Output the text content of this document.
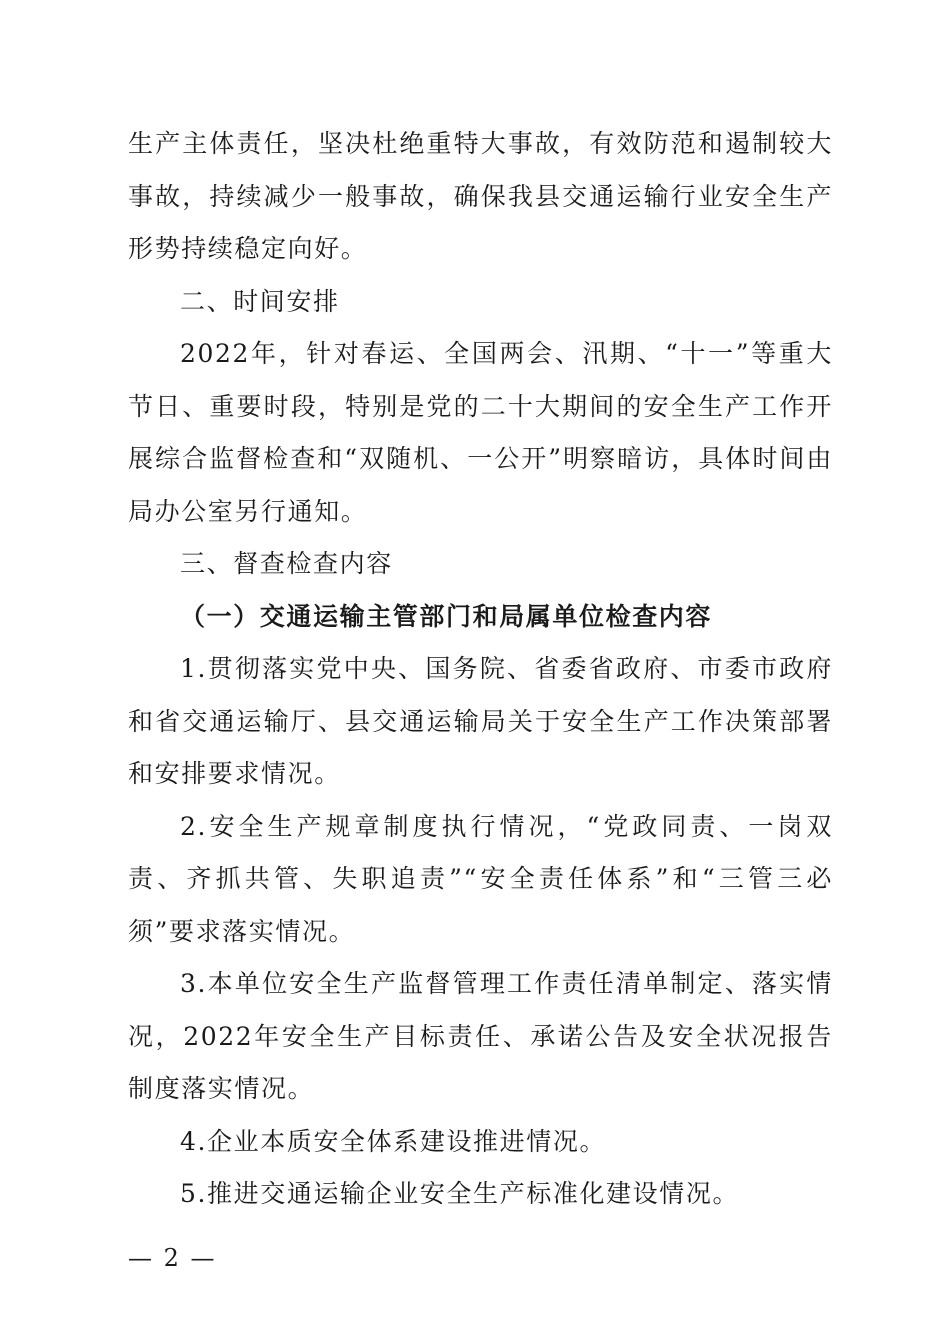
生产主体责任，坚决杜绝重特大事故，有效防范和遏制较大事故，持续减少一般事故，确保我县交通运输行业安全生产形势持续稳定向好。

二、时间安排

2022年，针对春运、全国两会、汛期、“十一”等重大节日、重要时段，特别是党的二十大期间的安全生产工作开展综合监督检查和“双随机、一公开”明察暗访，具体时间由局办公室另行通知。

三、督查检查内容

（一）交通运输主管部门和局属单位检查内容

1.贯彻落实党中央、国务院、省委省政府、市委市政府和省交通运输厅、县交通运输局关于安全生产工作决策部署和安排要求情况。

2.安全生产规章制度执行情况，“党政同责、一岗双责、齐抓共管、失职追责”“安全责任体系”和“三管三必须”要求落实情况。

3.本单位安全生产监督管理工作责任清单制定、落实情况，2022年安全生产目标责任、承诺公告及安全状况报告制度落实情况。

4.企业本质安全体系建设推进情况。

5.推进交通运输企业安全生产标准化建设情况。

— 2 —
